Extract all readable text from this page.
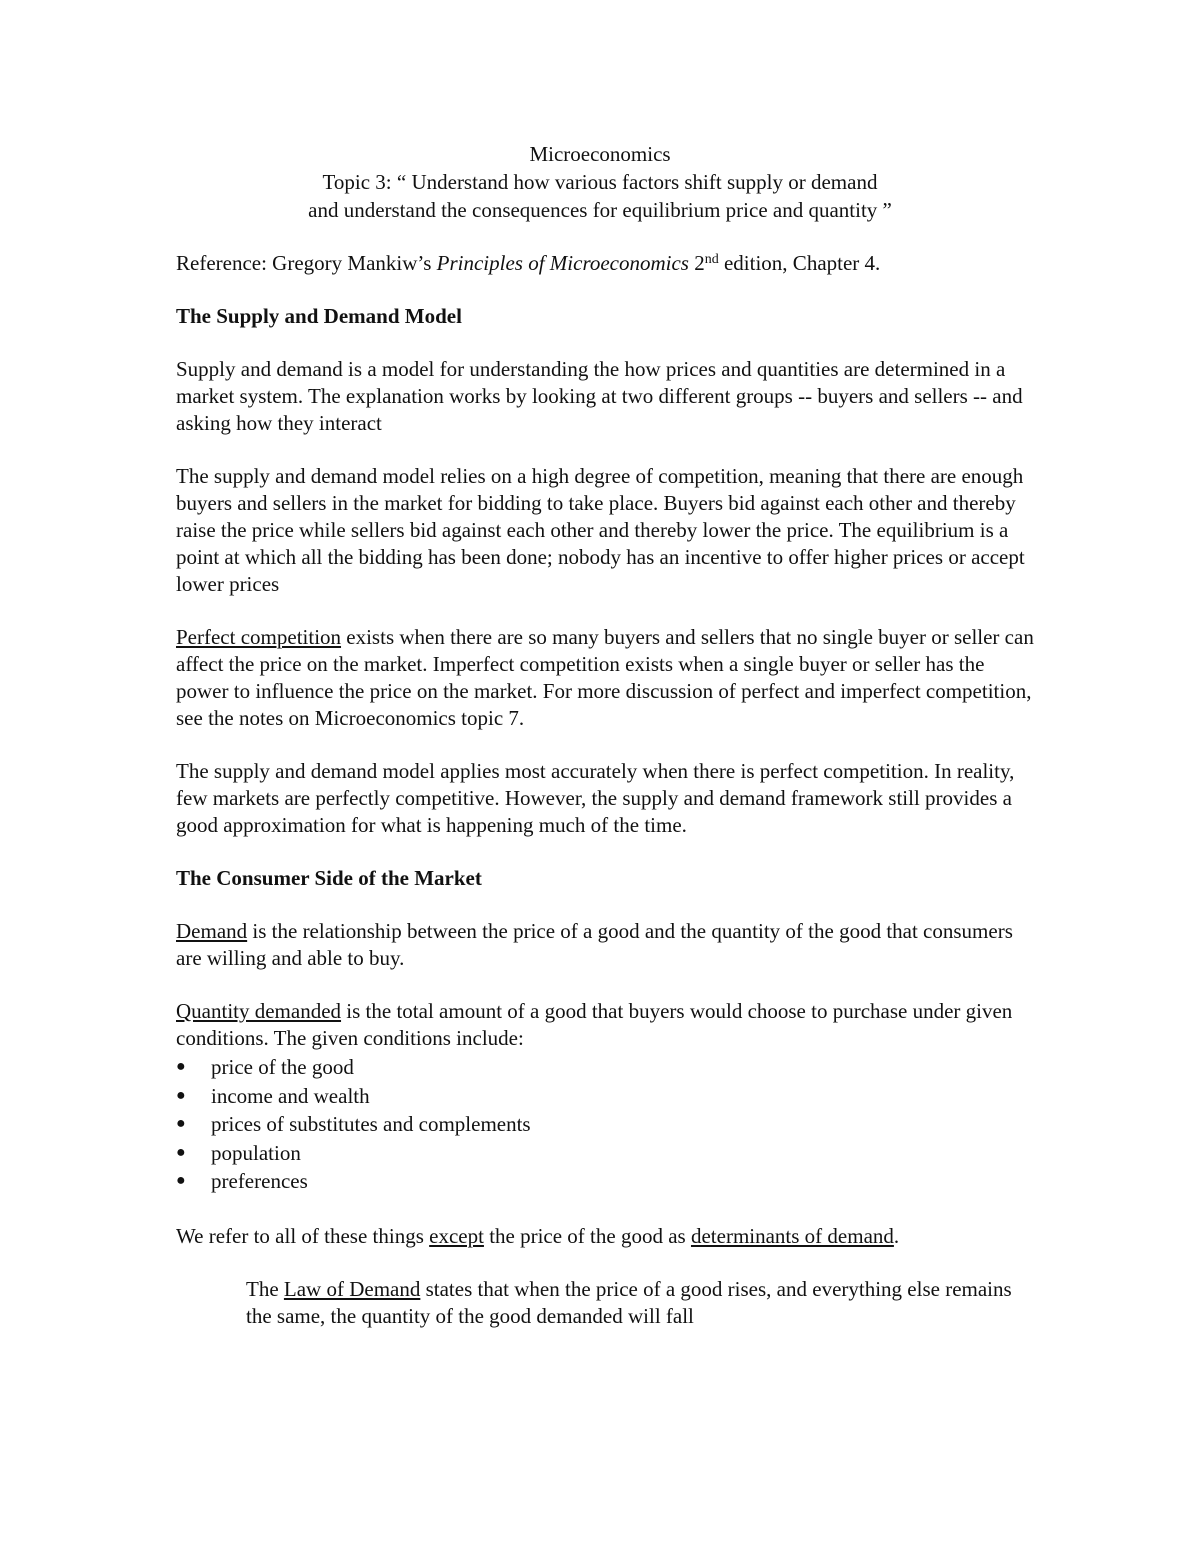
Microeconomics
Topic 3: “ Understand how various factors shift supply or demand
and understand the consequences for equilibrium price and quantity ”

Reference: Gregory Mankiw’s Principles of Microeconomics 2nd edition, Chapter 4.

The Supply and Demand Model

Supply and demand is a model for understanding the how prices and quantities are determined in a market system. The explanation works by looking at two different groups -- buyers and sellers -- and asking how they interact

The supply and demand model relies on a high degree of competition, meaning that there are enough buyers and sellers in the market for bidding to take place. Buyers bid against each other and thereby raise the price while sellers bid against each other and thereby lower the price. The equilibrium is a point at which all the bidding has been done; nobody has an incentive to offer higher prices or accept lower prices

Perfect competition exists when there are so many buyers and sellers that no single buyer or seller can affect the price on the market. Imperfect competition exists when a single buyer or seller has the power to influence the price on the market. For more discussion of perfect and imperfect competition, see the notes on Microeconomics topic 7.

The supply and demand model applies most accurately when there is perfect competition. In reality, few markets are perfectly competitive. However, the supply and demand framework still provides a good approximation for what is happening much of the time.

The Consumer Side of the Market

Demand is the relationship between the price of a good and the quantity of the good that consumers are willing and able to buy.

Quantity demanded is the total amount of a good that buyers would choose to purchase under given conditions. The given conditions include:

● price of the good
● income and wealth
● prices of substitutes and complements
● population
● preferences

We refer to all of these things except the price of the good as determinants of demand.

The Law of Demand states that when the price of a good rises, and everything else remains the same, the quantity of the good demanded will fall
